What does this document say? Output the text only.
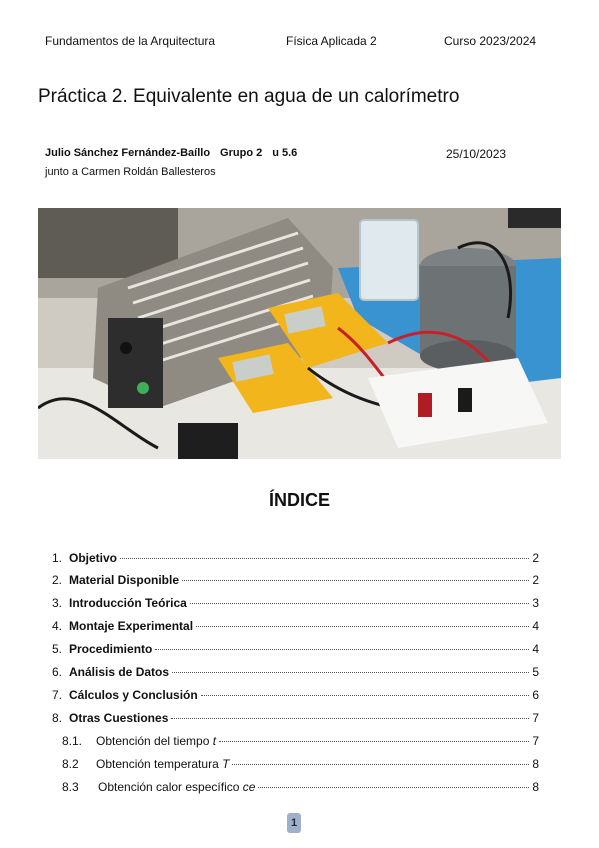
Fundamentos de la Arquitectura	Física Aplicada 2	Curso 2023/2024
Práctica 2. Equivalente en agua de un calorímetro
Julio Sánchez Fernández-Baíllo Grupo 2 u 5.6	25/10/2023
junto a Carmen Roldán Ballesteros
ÍNDICE
1. Objetivo	2
2. Material Disponible	2
3. Introducción Teórica	3
4. Montaje Experimental	4
5. Procedimiento	4
6. Análisis de Datos	5
7. Cálculos y Conclusión	6
8. Otras Cuestiones	7
8.1. Obtención del tiempo t	7
8.2 Obtención temperatura T	8
8.3 Obtención calor específico ce	8
1
